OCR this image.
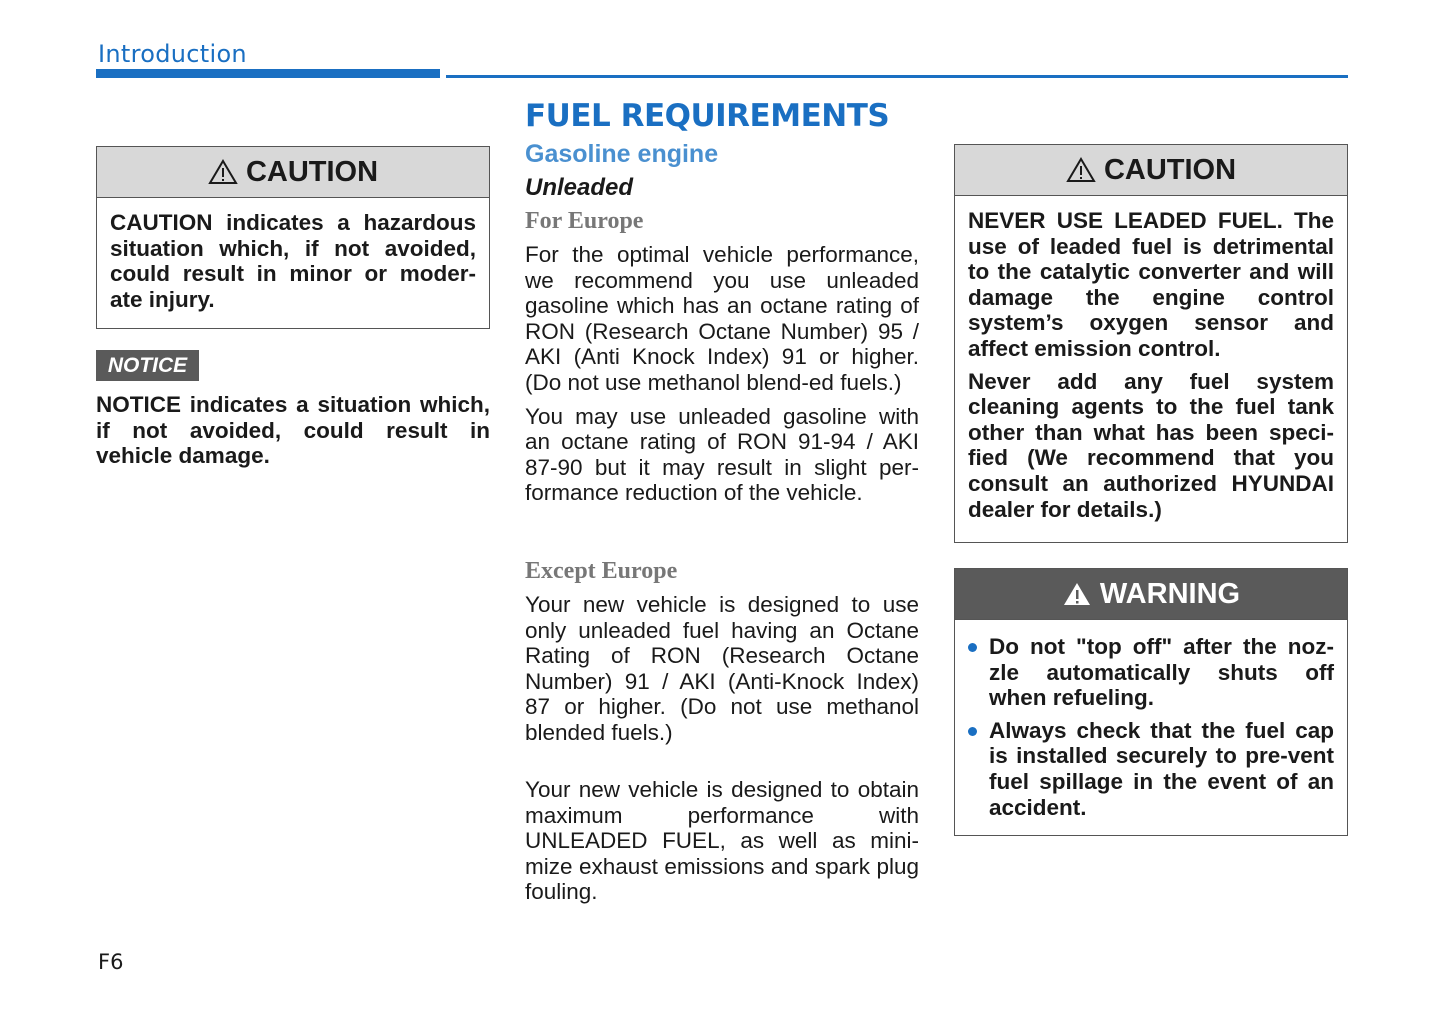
Introduction
CAUTION

CAUTION indicates a hazardous situation which, if not avoided, could result in minor or moder-ate injury.

NOTICE
NOTICE indicates a situation which, if not avoided, could result in vehicle damage.
FUEL REQUIREMENTS
Gasoline engine
Unleaded
For Europe

For the optimal vehicle performance, we recommend you use unleaded gasoline which has an octane rating of RON (Research Octane Number) 95 / AKI (Anti Knock Index) 91 or higher. (Do not use methanol blend-ed fuels.)

You may use unleaded gasoline with an octane rating of RON 91-94 / AKI 87-90 but it may result in slight per-formance reduction of the vehicle.

Except Europe

Your new vehicle is designed to use only unleaded fuel having an Octane Rating of RON (Research Octane Number) 91 / AKI (Anti-Knock Index) 87 or higher. (Do not use methanol blended fuels.)

Your new vehicle is designed to obtain maximum performance with UNLEADED FUEL, as well as mini-mize exhaust emissions and spark plug fouling.

CAUTION

NEVER USE LEADED FUEL. The use of leaded fuel is detrimental to the catalytic converter and will damage the engine control system’s oxygen sensor and affect emission control.

Never add any fuel system cleaning agents to the fuel tank other than what has been speci-fied (We recommend that you consult an authorized HYUNDAI dealer for details.)

WARNING
Do not "top off" after the noz-zle automatically shuts off when refueling.
Always check that the fuel cap is installed securely to pre-vent fuel spillage in the event of an accident.
F6
